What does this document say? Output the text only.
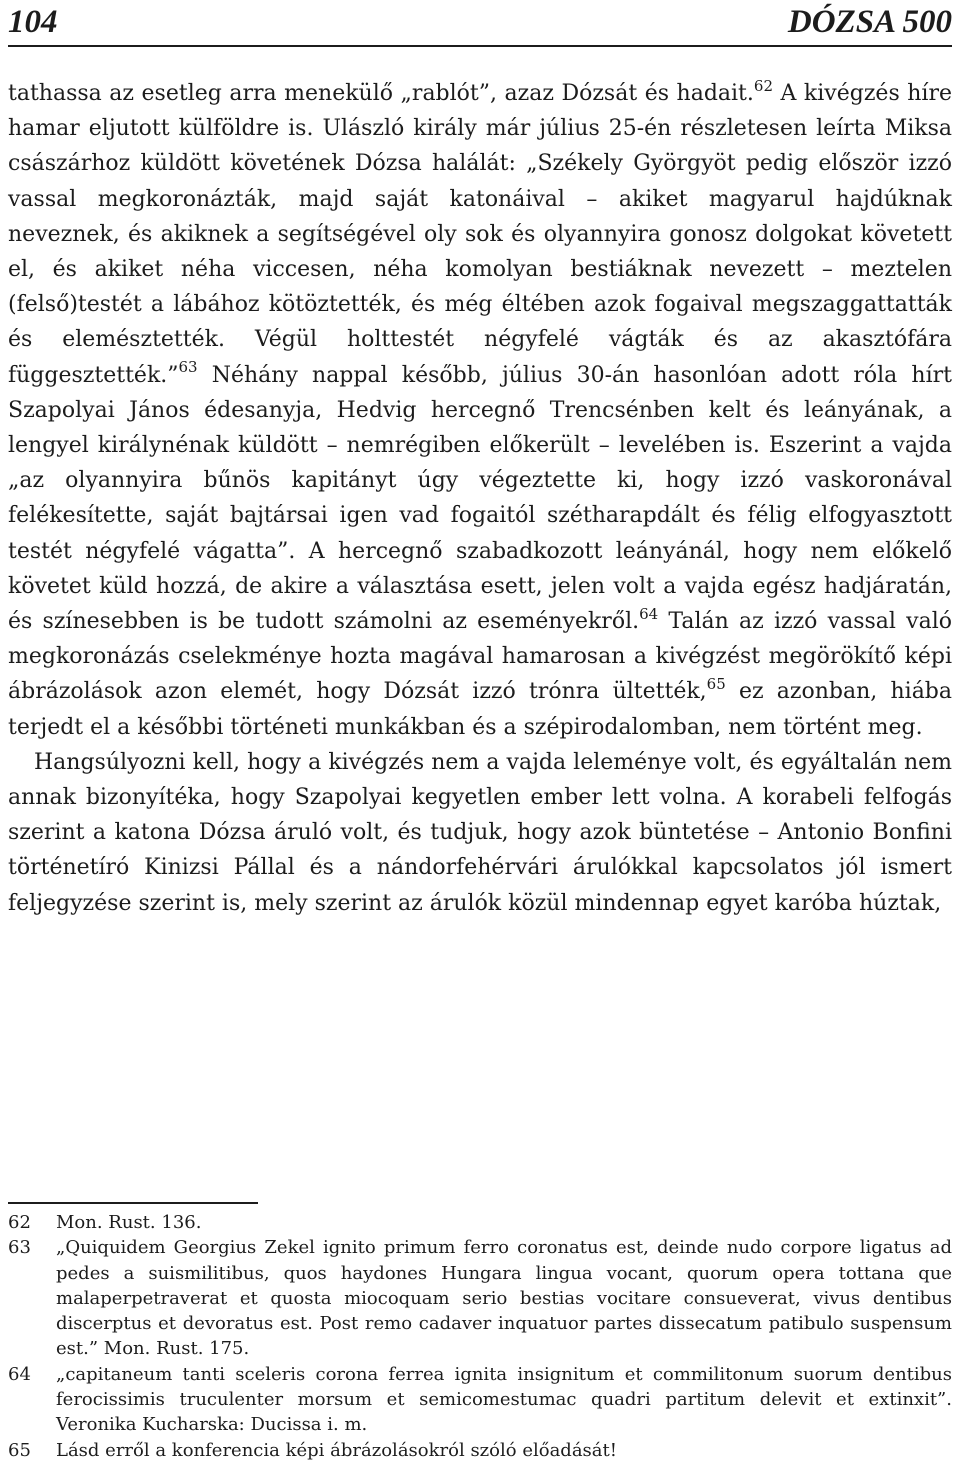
104	DÓZSA 500

tathassa az esetleg arra menekülő „rablót”, azaz Dózsát és hadait.$^{62}$ A kivégzés híre hamar eljutott külföldre is. Ulászló király már július 25-én részletesen leírta Miksa császárhoz küldött követének Dózsa halálát: „Székely Györgyöt pedig először izzó vassal megkoronázták, majd saját katonáival – akiket magyarul hajdúknak neveznek, és akiknek a segítségével oly sok és olyannyira gonosz dolgokat követett el, és akiket néha viccesen, néha komolyan bestiáknak nevezett – meztelen (felső)testét a lábához kötöztették, és még éltében azok fogaival megszaggattatták és elemésztették. Végül holttestét négyfelé vágták és az akasztófára függesztették.”$^{63}$ Néhány nappal később, július 30-án hasonlóan adott róla hírt Szapolyai János édesanyja, Hedvig hercegnő Trencsénben kelt és leányának, a lengyel királynénak küldött – nemrégiben előkerült – levelében is. Eszerint a vajda „az olyannyira bűnös kapitányt úgy végeztette ki, hogy izzó vaskoronával felékesítette, saját bajtársai igen vad fogaitól szétharapdált és félig elfogyasztott testét négyfelé vágatta”. A hercegnő szabadkozott leányánál, hogy nem előkelő követet küld hozzá, de akire a választása esett, jelen volt a vajda egész hadjáratán, és színesebben is be tudott számolni az eseményekről.$^{64}$ Talán az izzó vassal való megkoronázás cselekménye hozta magával hamarosan a kivégzést megörökítő képi ábrázolások azon elemét, hogy Dózsát izzó trónra ültették,$^{65}$ ez azonban, hiába terjedt el a későbbi történeti munkákban és a szépirodalomban, nem történt meg.

Hangsúlyozni kell, hogy a kivégzés nem a vajda leleménye volt, és egyáltalán nem annak bizonyítéka, hogy Szapolyai kegyetlen ember lett volna. A korabeli felfogás szerint a katona Dózsa áruló volt, és tudjuk, hogy azok büntetése – Antonio Bonfini történetíró Kinizsi Pállal és a nándorfehérvári árulókkal kapcsolatos jól ismert feljegyzése szerint is, mely szerint az árulók közül mindennap egyet karóba húztak,

62	Mon. Rust. 136.
63	„Quiquidem Georgius Zekel ignito primum ferro coronatus est, deinde nudo corpore ligatus ad pedes a suismilitibus, quos haydones Hungara lingua vocant, quorum opera tottana que malaperpetraverat et quosta miocoquam serio bestias vocitare consueverat, vivus dentibus discerptus et devoratus est. Post remo cadaver inquatuor partes dissecatum patibulo suspensum est.” Mon. Rust. 175.
64	„capitaneum tanti sceleris corona ferrea ignita insignitum et commilitonum suorum dentibus ferocissimis truculenter morsum et semicomestumac quadri partitum delevit et extinxit”. Veronika Kucharska: Ducissa i. m.
65	Lásd erről a konferencia képi ábrázolásokról szóló előadását!
